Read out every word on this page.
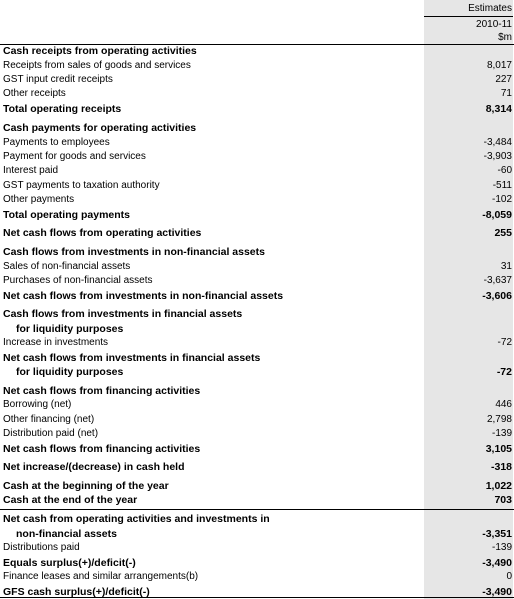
Estimates
2010-11
$m
Cash receipts from operating activities
Receipts from sales of goods and services	8,017
GST input credit receipts	227
Other receipts	71
Total operating receipts	8,314
Cash payments for operating activities
Payments to employees	-3,484
Payment for goods and services	-3,903
Interest paid	-60
GST payments to taxation authority	-511
Other payments	-102
Total operating payments	-8,059
Net cash flows from operating activities	255
Cash flows from investments in non-financial assets
Sales of non-financial assets	31
Purchases of non-financial assets	-3,637
Net cash flows from investments in non-financial assets	-3,606
Cash flows from investments in financial assets
for liquidity purposes
Increase in investments	-72
Net cash flows from investments in financial assets
for liquidity purposes	-72
Net cash flows from financing activities
Borrowing (net)	446
Other financing (net)	2,798
Distribution paid (net)	-139
Net cash flows from financing activities	3,105
Net increase/(decrease) in cash held	-318
Cash at the beginning of the year	1,022
Cash at the end of the year	703
Net cash from operating activities and investments in
non-financial assets	-3,351
Distributions paid	-139
Equals surplus(+)/deficit(-)	-3,490
Finance leases and similar arrangements(b)	0
GFS cash surplus(+)/deficit(-)	-3,490
